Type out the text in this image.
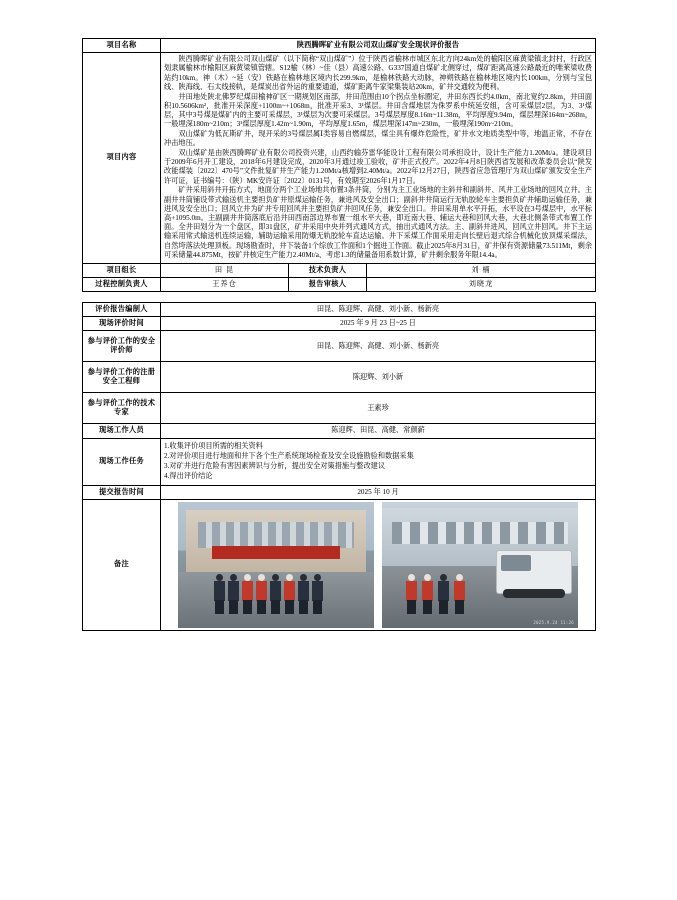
项目名称	陕西腾晖矿业有限公司双山煤矿安全现状评价报告		
项目内容	陕西腾晖矿业有限公司双山煤矿（以下简称“双山煤矿”）位于陕西省榆林市城区东北方向24km处的榆阳区麻黄梁镇北封村，行政区划隶属榆林市榆阳区麻黄梁镇管辖。S12榆（林）~佳（县）高速公路、G337国道自煤矿北侧穿过，煤矿距离高速公路最近的唯莱梁收费站约10km。神（木）~延（安）铁路在榆林地区境内长299.9km，是榆林铁路大动脉，神朔铁路在榆林地区境内长100km，分别与宝包线、陕海线、石太线接轨，是煤炭出省外运的重要通道，煤矿距离牛家梁集装站20km，矿井交通较为便利。

井田地处陕北佛罗纪煤田榆神矿区一期规划区南部，井田范围由10个拐点坐标圈定，井田东西长约4.0km，南北宽约2.8km，井田面积10.5606km²，批准开采深度+1100m~+1068m，批准开采3、3¹煤层。井田含煤地层为侏罗系中统延安组，含可采煤层2层，为3、3¹煤层，其中3号煤是煤矿内的主要可采煤层，3¹煤层为次要可采煤层。3号煤层厚度8.16m~11.38m，平均厚度9.94m，煤层埋深164m~268m，一般埋深180m~210m；3¹煤层厚度1.42m~1.90m，平均厚度1.65m，煤层埋深147m~230m，一般埋深190m~210m。

双山煤矿为低瓦斯矿井，现开采的3号煤层属Ⅰ类容易自燃煤层，煤尘具有爆炸危险性，矿井水文地质类型中等，地温正常，不存在冲击地压。

双山煤矿是由陕西腾晖矿业有限公司投资兴建，山西约输芬雷华能设计工程有限公司承担设计，设计生产能力1.20Mt/a。建设项目于2009年6月开工建设，2018年6月建设完成，2020年3月通过竣工验收，矿井正式投产。2022年4月8日陕西省发展和改革委员会以“陕发改能煤装〔2022〕470号”文件批复矿井生产能力1.20Mt/a核增到2.40Mt/a。2022年12月27日，陕西省应急管理厅为双山煤矿颁发安全生产许可证，证书编号：（陕）MK安许证〔2022〕0131号，有效期至2026年1月17日。

矿井采用斜井开拓方式，地面分两个工业场地共布置3条井筒，分别为主工业场地的主斜井和副斜井、风井工业场地的回风立井。主副井井筒铺设带式输送机主要担负矿井原煤运输任务，兼进风及安全出口；副斜井井筒运行无轨胶轮车主要担负矿井辅助运输任务，兼进风及安全出口；回风立井为矿井专用回风井主要担负矿井回风任务，兼安全出口。井田采用单水平开拓，水平设在3号煤层中，水平标高+1095.0m。主副副井井筒落底后沿井田西南部边界布置一组水平大巷，即近南大巷、辅运大巷和回风大巷，大巷北侧条带式布置工作面。全井田划分为一个盘区，即31盘区，矿井采用中央并列式通风方式，抽出式通风方法。主、副斜井进风，回风立井回风。井下主运输采用常式输送机连续运输，辅助运输采用防爆无轨胶轮车直达运输。井下采煤工作面采用走向长壁后退式综合机械化放顶煤采煤法，自然垮落法处理顶板。现场勘查时，井下装备1个综放工作面和1个掘进工作面。截止2025年8月31日，矿井保有资源储量73.511Mt，剩余可采储量44.875Mt，按矿井核定生产能力2.40Mt/a、考虑1.3的储量备用系数计算，矿井剩余服务年限14.4a。		

项目组长	田 昆	技术负责人	刘 楠
过程控制负责人	王养仓	报告审核人	刘晓龙
评价报告编制人	田昆、陈迎辉、高健、刘小新、杨新亮
现场评价时间	2025 年 9 月 23 日~25 日
参与评价工作的安全评价师	田昆、陈迎辉、高健、刘小新、杨新亮
参与评价工作的注册安全工程师	陈迎辉、刘小新
参与评价工作的技术专家	王素珍
现场工作人员	陈迎辉、田昆、高健、常颜薪
现场工作任务	1.收集评价项目所需的相关资料
2.对评价项目进行地面和井下各个生产系统现场检查及安全设施勘验和数据采集
3.对矿井进行危险有害因素辨识与分析，提出安全对策措施与整改建议
4.得出评价结论

提交报告时间	2025 年 10 月
备注	2025.9.24 11:26
